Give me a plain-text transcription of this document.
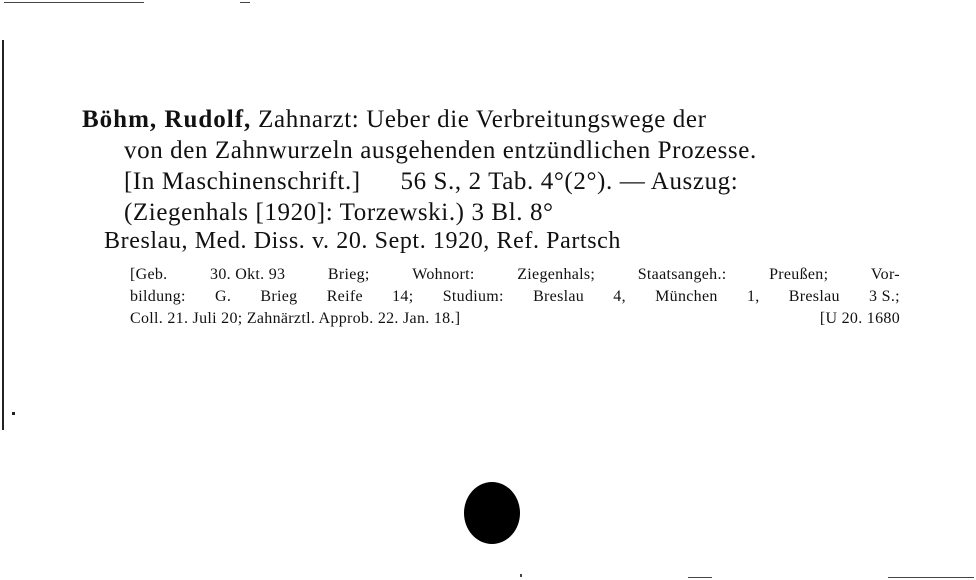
Böhm, Rudolf, Zahnarzt: Ueber die Verbreitungswege der
von den Zahnwurzeln ausgehenden entzündlichen Prozesse.
[In Maschinenschrift.] 56 S., 2 Tab. 4°(2°). — Auszug:
(Ziegenhals [1920]: Torzewski.) 3 Bl. 8°
Breslau, Med. Diss. v. 20. Sept. 1920, Ref. Partsch
[Geb.	30. Okt. 93	Brieg;	Wohnort:	Ziegenhals;	Staatsangeh.:	Preußen;	Vor-
bildung: G. Brieg Reife 14; Studium: Breslau 4, München 1, Breslau 3 S.;
Coll. 21. Juli 20; Zahnärztl. Approb. 22. Jan. 18.]	[U 20. 1680
